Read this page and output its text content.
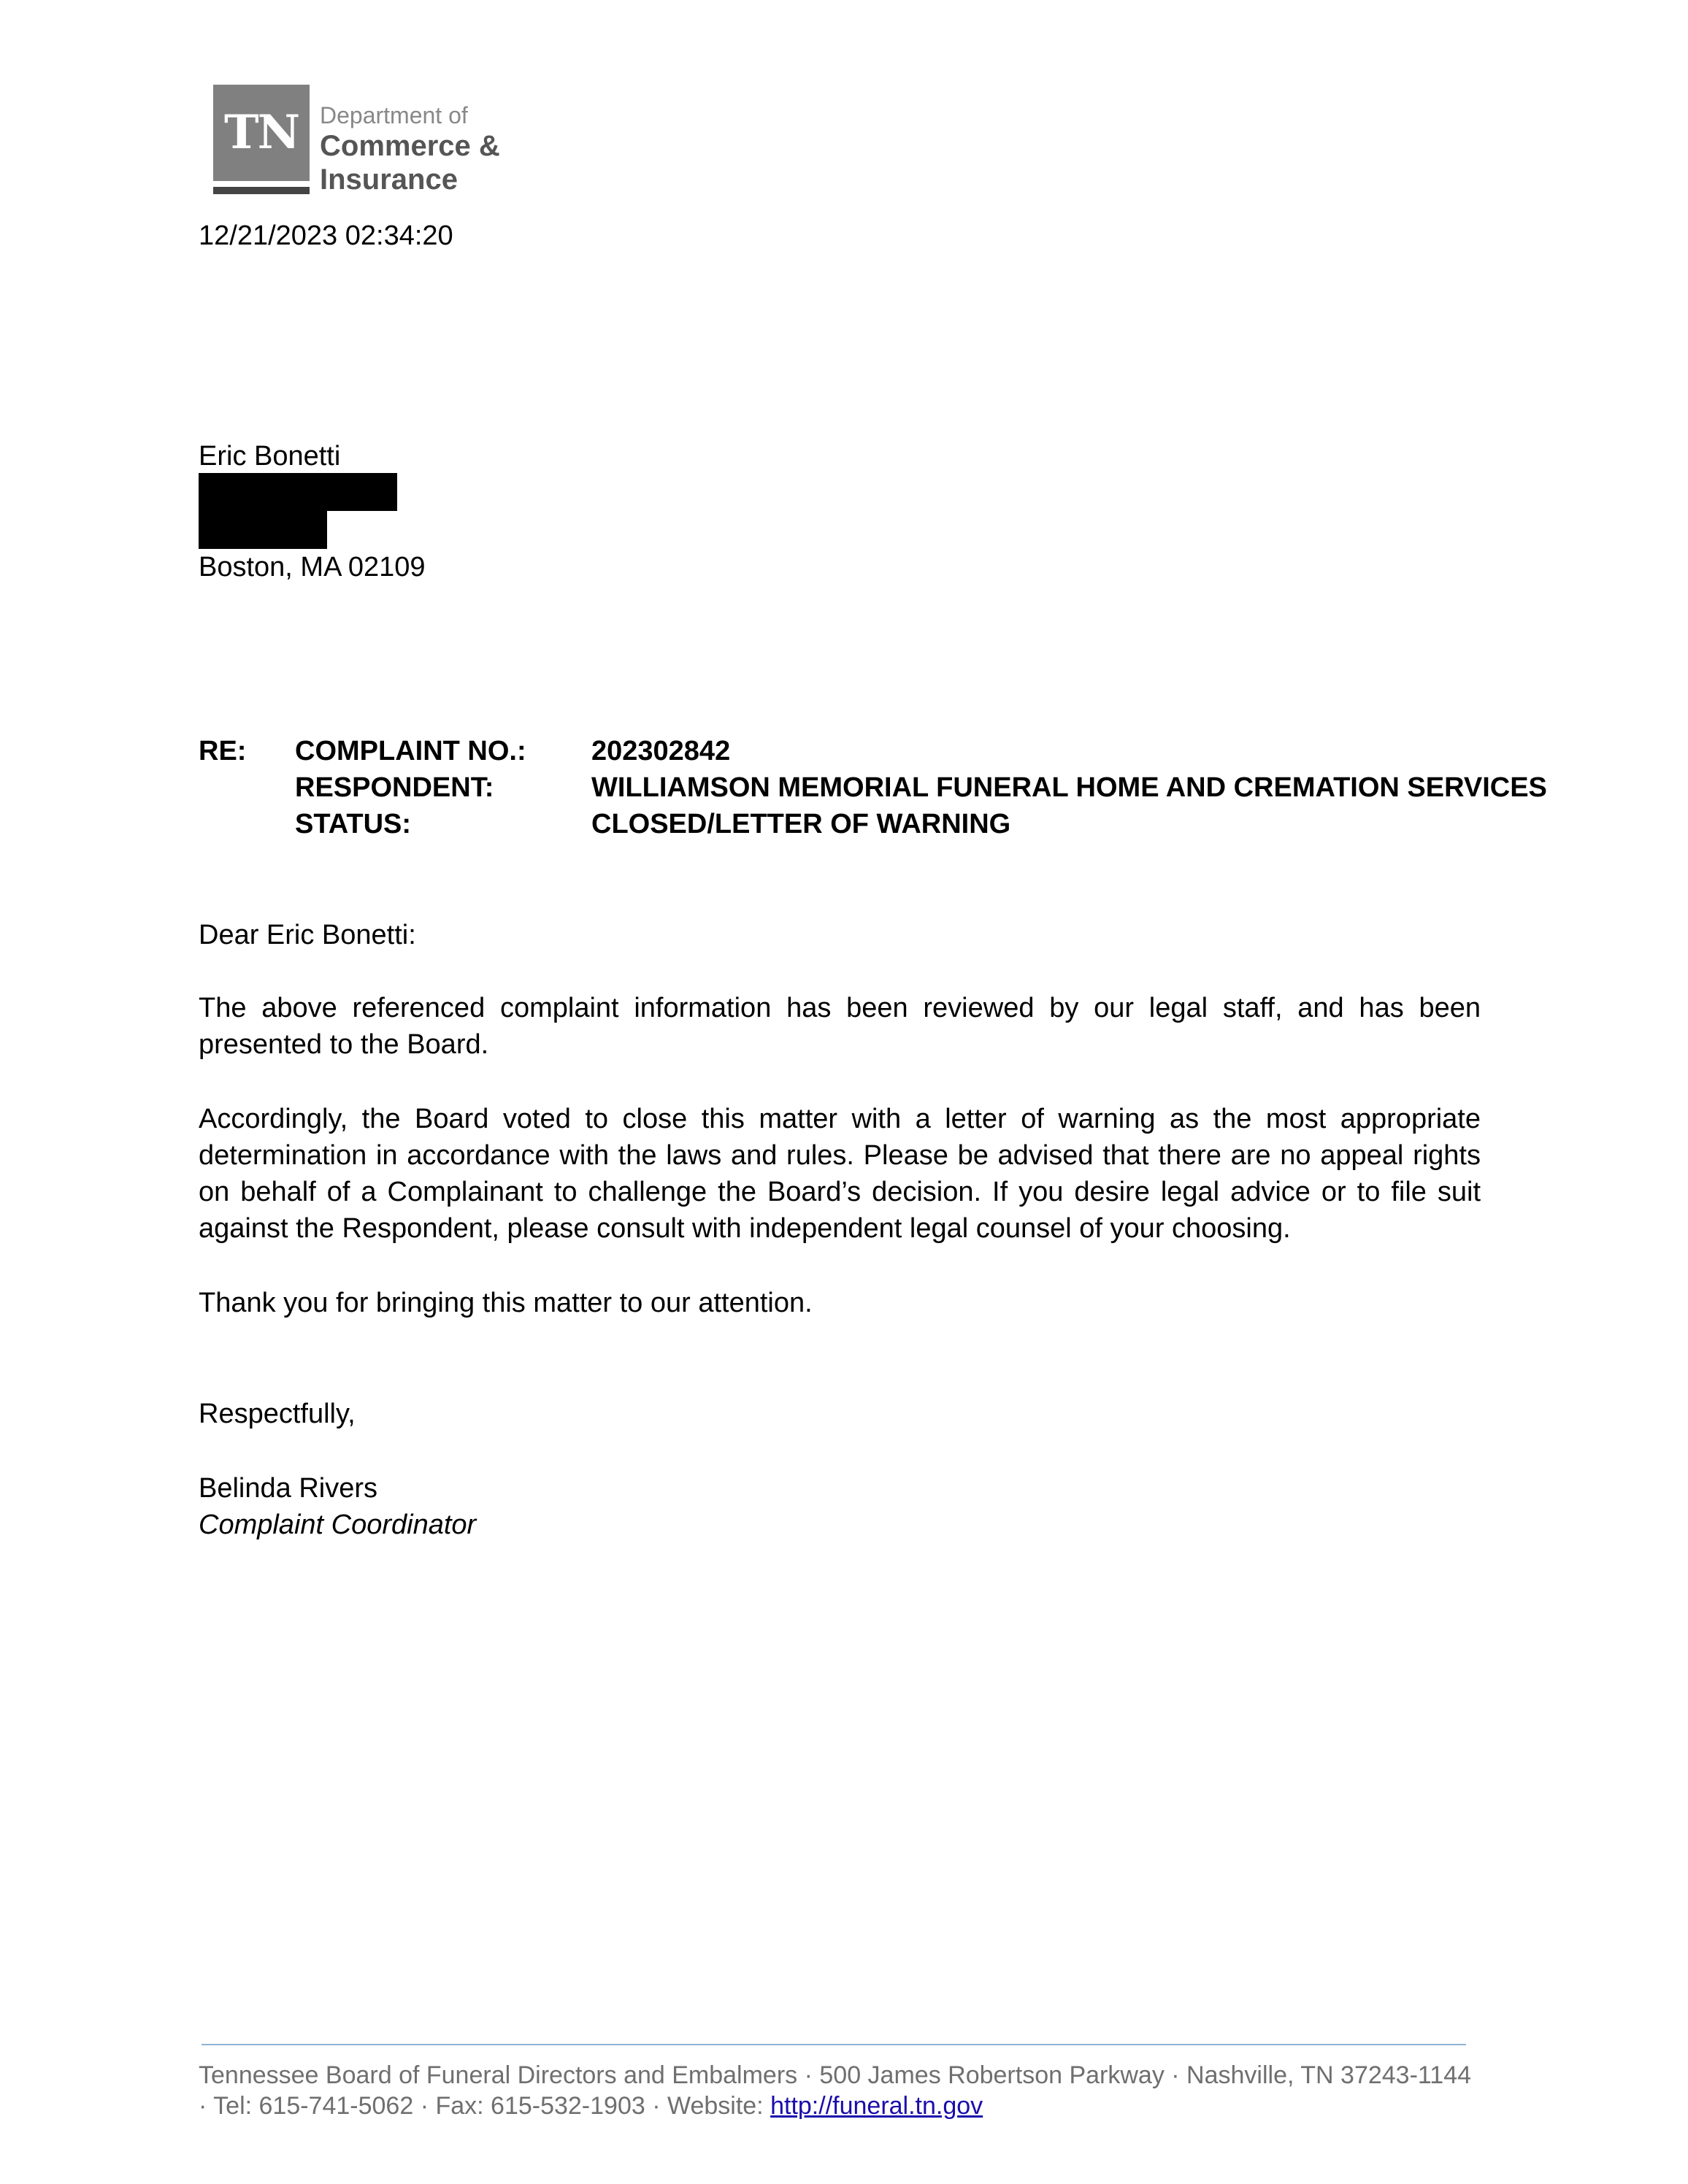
TN Department of
Commerce &
Insurance
12/21/2023 02:34:20
Eric Bonetti
Boston, MA 02109
RE: COMPLAINT NO.: 202302842
RESPONDENT:	WILLIAMSON MEMORIAL FUNERAL HOME AND CREMATION SERVICES
STATUS:	CLOSED/LETTER OF WARNING
Dear Eric Bonetti:
The above referenced complaint information has been reviewed by our legal staff, and has been presented to the Board.
Accordingly, the Board voted to close this matter with a letter of warning as the most appropriate determination in accordance with the laws and rules. Please be advised that there are no appeal rights on behalf of a Complainant to challenge the Board’s decision. If you desire legal advice or to file suit against the Respondent, please consult with independent legal counsel of your choosing.
Thank you for bringing this matter to our attention.
Respectfully,
Belinda Rivers
Complaint Coordinator
Tennessee Board of Funeral Directors and Embalmers · 500 James Robertson Parkway · Nashville, TN 37243-1144 · Tel: 615-741-5062 · Fax: 615-532-1903 · Website: http://funeral.tn.gov
